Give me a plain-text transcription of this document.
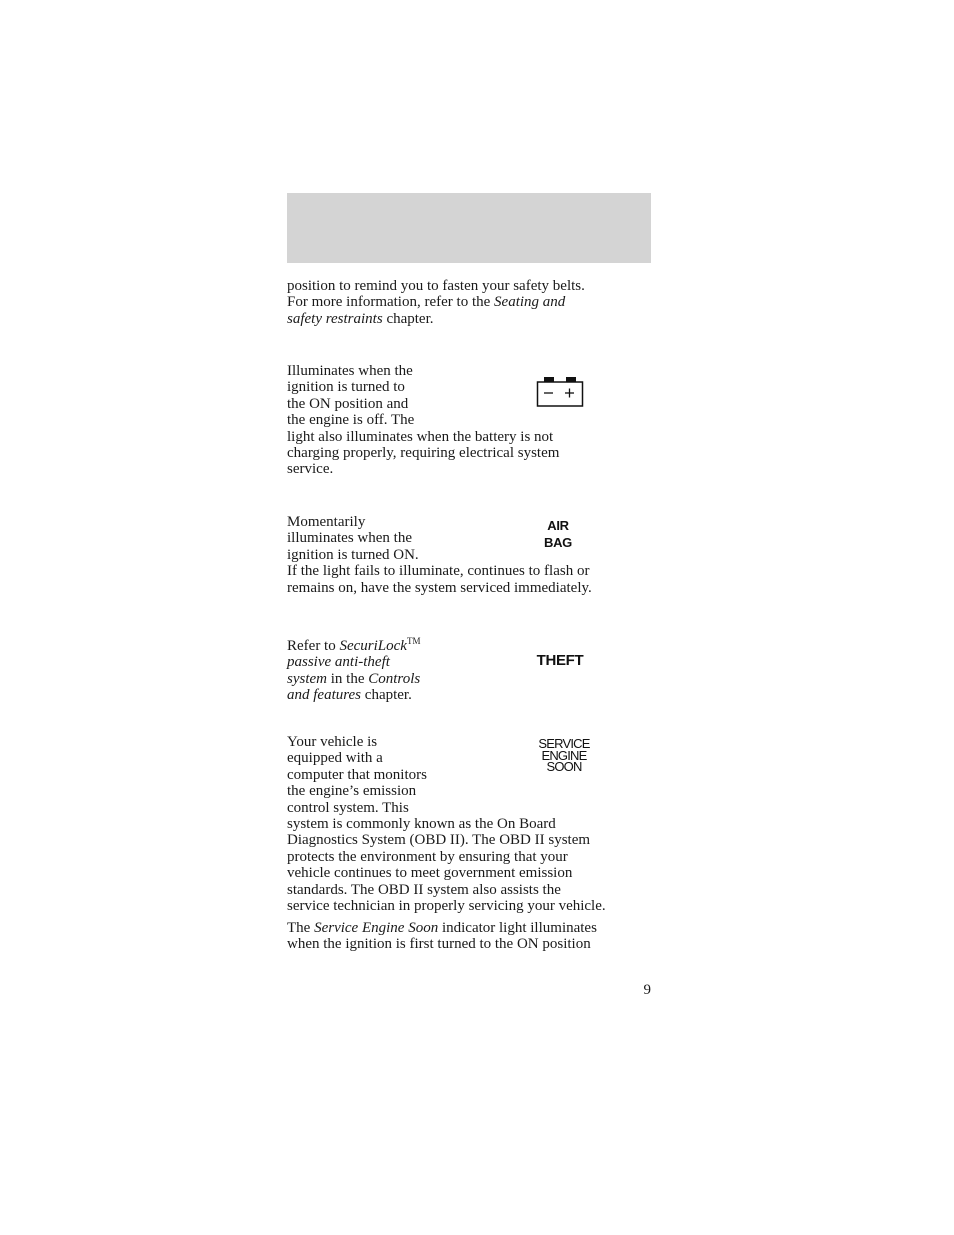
position to remind you to fasten your safety belts.
For more information, refer to the Seating and
safety restraints chapter.

Illuminates when the
ignition is turned to
the ON position and
the engine is off. The
light also illuminates when the battery is not
charging properly, requiring electrical system
service.

Momentarily
illuminates when the
ignition is turned ON.
If the light fails to illuminate, continues to flash or
remains on, have the system serviced immediately.

AIR
BAG

Refer to SecuriLock™
passive anti-theft
system in the Controls
and features chapter.

THEFT

Your vehicle is
equipped with a
computer that monitors
the engine’s emission
control system. This
system is commonly known as the On Board
Diagnostics System (OBD II). The OBD II system
protects the environment by ensuring that your
vehicle continues to meet government emission
standards. The OBD II system also assists the
service technician in properly servicing your vehicle.

The Service Engine Soon indicator light illuminates
when the ignition is first turned to the ON position

SERVICE
ENGINE
SOON
9
